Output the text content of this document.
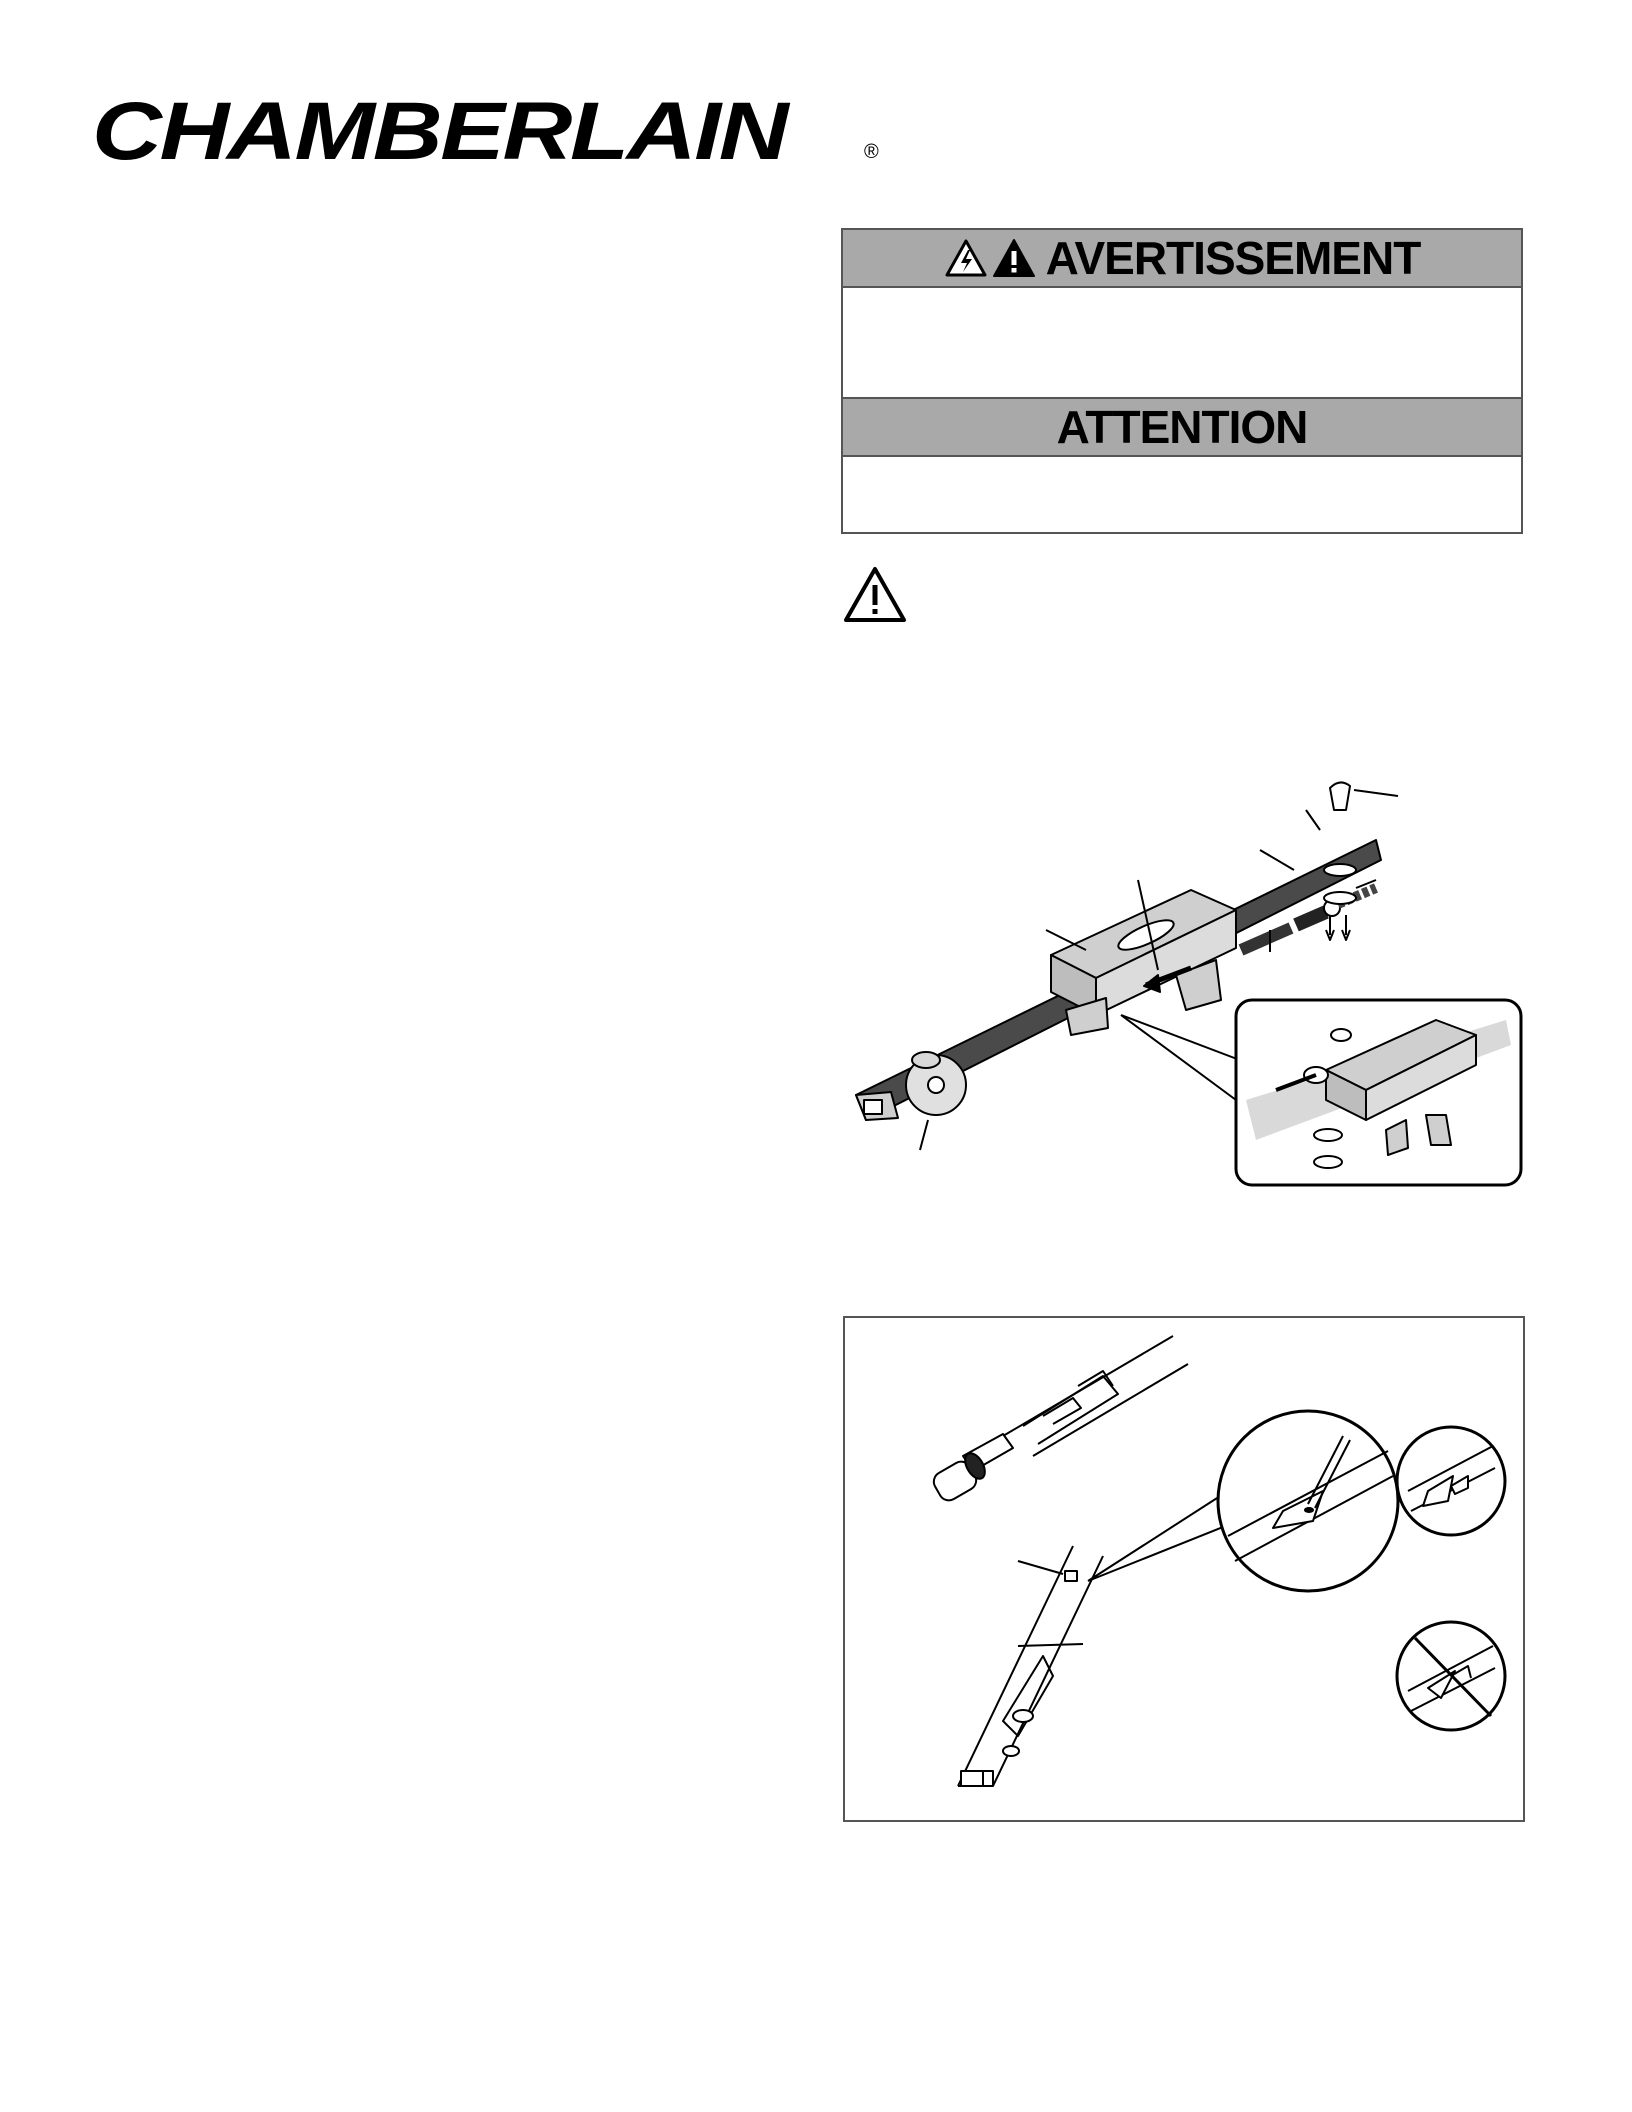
CHAMBERLAIN	®
AVERTISSEMENT
ATTENTION
